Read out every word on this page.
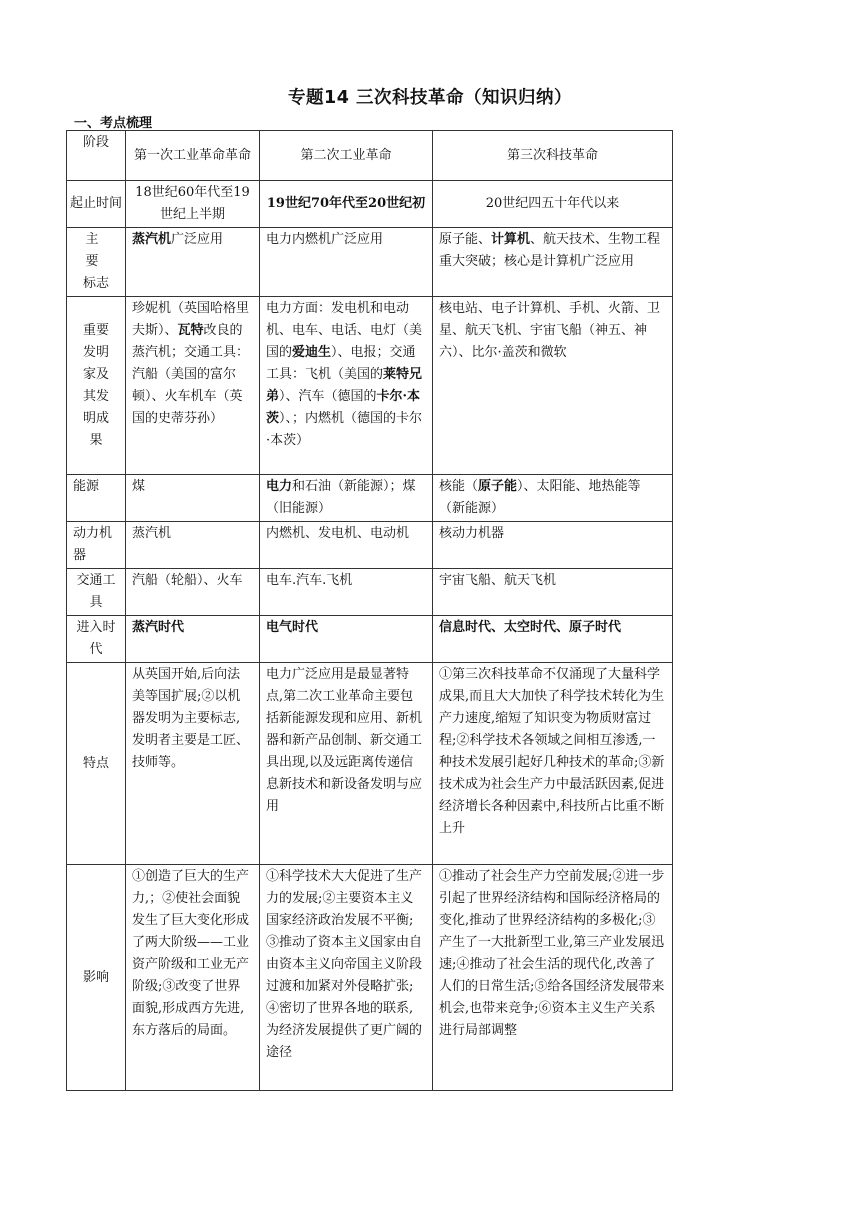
专题14 三次科技革命（知识归纳）
一、考点梳理
阶段	第一次工业革命革命	第二次工业革命	第三次科技革命
起止时间	18世纪60年代至19世纪上半期	19世纪70年代至20世纪初	20世纪四五十年代以来
主 要
标志	蒸汽机广泛应用	电力内燃机广泛应用	原子能、计算机、航天技术、生物工程重大突破；核心是计算机广泛应用
重要发明家及其发明成果	珍妮机（英国哈格里夫斯）、瓦特改良的蒸汽机；交通工具：汽船（美国的富尔顿）、火车机车（英国的史蒂芬孙）	电力方面：发电机和电动机、电车、电话、电灯（美国的爱迪生）、电报；交通工具：飞机（美国的莱特兄弟）、汽车（德国的卡尔·本茨）、；内燃机（德国的卡尔·本茨）	核电站、电子计算机、手机、火箭、卫星、航天飞机、宇宙飞船（神五、神六）、比尔·盖茨和微软
能源	煤	电力和石油（新能源）；煤（旧能源）	核能（原子能）、太阳能、地热能等（新能源）
动力机器	蒸汽机	内燃机、发电机、电动机	核动力机器
交通工具	汽船（轮船）、火车	电车.汽车.飞机	宇宙飞船、航天飞机
进入时代	蒸汽时代	电气时代	信息时代、太空时代、原子时代
特点	从英国开始,后向法美等国扩展;②以机器发明为主要标志,发明者主要是工匠、技师等。	电力广泛应用是最显著特点,第二次工业革命主要包括新能源发现和应用、新机器和新产品创制、新交通工具出现,以及远距离传递信息新技术和新设备发明与应用	①第三次科技革命不仅涌现了大量科学成果,而且大大加快了科学技术转化为生产力速度,缩短了知识变为物质财富过程;②科学技术各领域之间相互渗透,一种技术发展引起好几种技术的革命;③新技术成为社会生产力中最活跃因素,促进经济增长各种因素中,科技所占比重不断上升
影响	①创造了巨大的生产力,；②使社会面貌发生了巨大变化形成了两大阶级——工业资产阶级和工业无产阶级;③改变了世界面貌,形成西方先进,东方落后的局面。	①科学技术大大促进了生产力的发展;②主要资本主义国家经济政治发展不平衡;③推动了资本主义国家由自由资本主义向帝国主义阶段过渡和加紧对外侵略扩张;④密切了世界各地的联系,为经济发展提供了更广阔的途径	①推动了社会生产力空前发展;②进一步引起了世界经济结构和国际经济格局的变化,推动了世界经济结构的多极化;③产生了一大批新型工业,第三产业发展迅速;④推动了社会生活的现代化,改善了人们的日常生活;⑤给各国经济发展带来机会,也带来竞争;⑥资本主义生产关系进行局部调整
